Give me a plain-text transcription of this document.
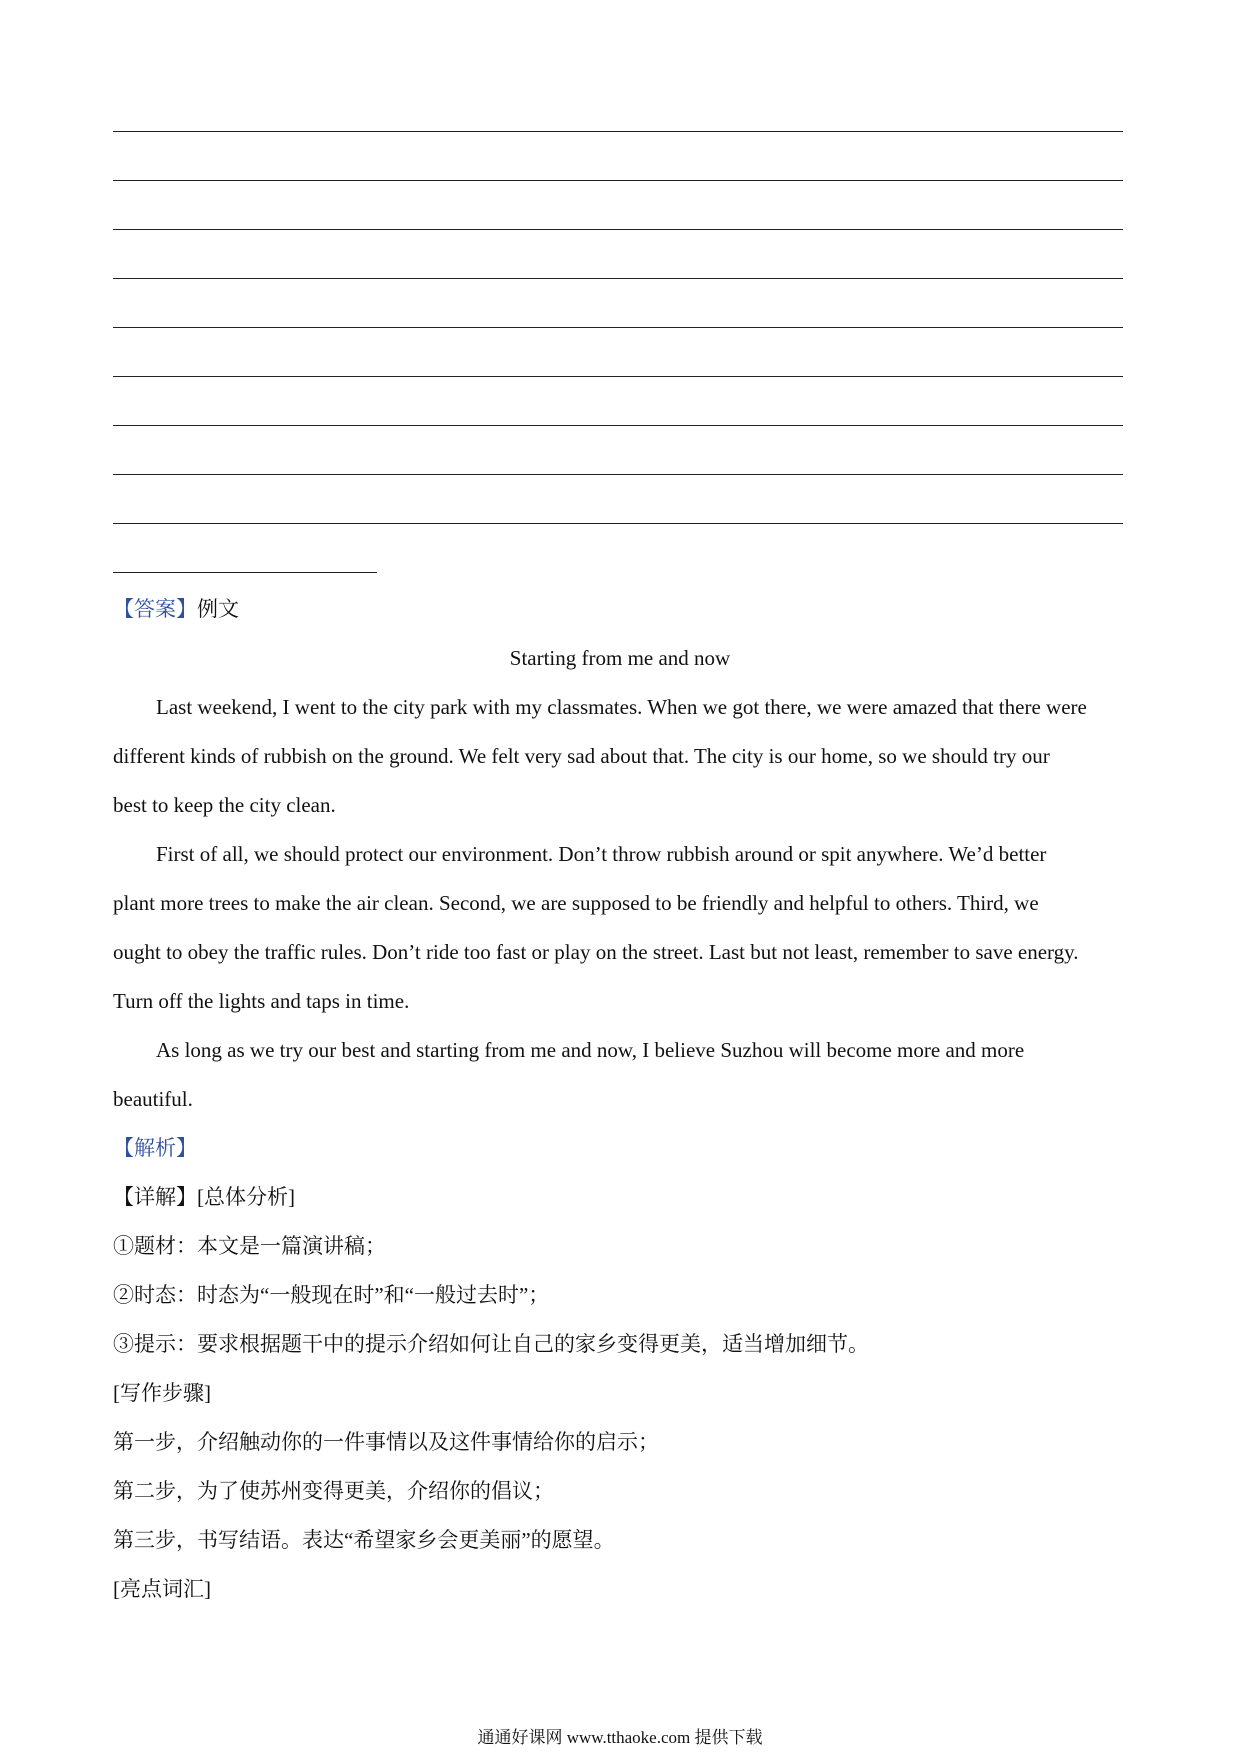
【答案】例文
Starting from me and now
Last weekend, I went to the city park with my classmates. When we got there, we were amazed that there were
different kinds of rubbish on the ground. We felt very sad about that. The city is our home, so we should try our
best to keep the city clean.
First of all, we should protect our environment. Don’t throw rubbish around or spit anywhere. We’d better
plant more trees to make the air clean. Second, we are supposed to be friendly and helpful to others. Third, we
ought to obey the traffic rules. Don’t ride too fast or play on the street. Last but not least, remember to save energy.
Turn off the lights and taps in time.
As long as we try our best and starting from me and now, I believe Suzhou will become more and more
beautiful.
【解析】
【详解】[总体分析]
①题材：本文是一篇演讲稿；
②时态：时态为“一般现在时”和“一般过去时”；
③提示：要求根据题干中的提示介绍如何让自己的家乡变得更美，适当增加细节。
[写作步骤]
第一步，介绍触动你的一件事情以及这件事情给你的启示；
第二步，为了使苏州变得更美，介绍你的倡议；
第三步，书写结语。表达“希望家乡会更美丽”的愿望。
[亮点词汇]
通通好课网 www.tthaoke.com 提供下载
